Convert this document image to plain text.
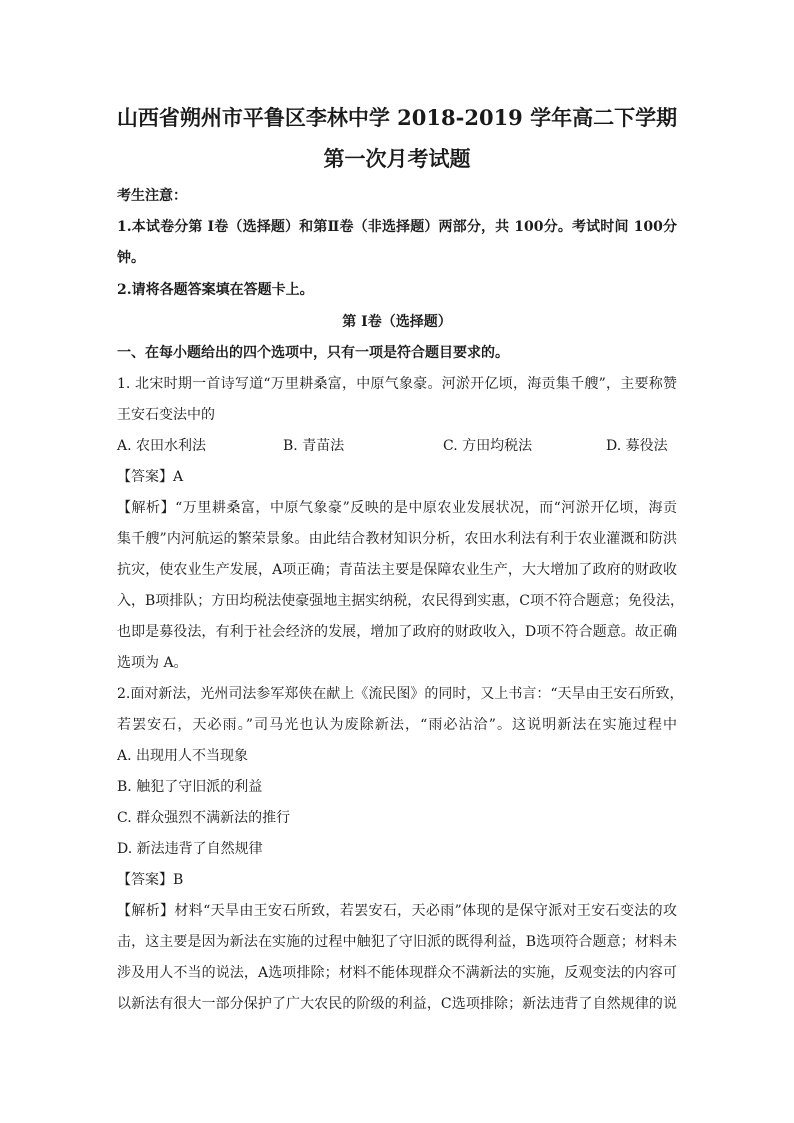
山西省朔州市平鲁区李林中学 2018-2019 学年高二下学期
第一次月考试题
考生注意：
1.本试卷分第 Ⅰ卷（选择题）和第Ⅱ卷（非选择题）两部分，共 100分。考试时间 100分
钟。
2.请将各题答案填在答题卡上。
第 Ⅰ卷（选择题）
一、在每小题给出的四个选项中，只有一项是符合题目要求的。
1. 北宋时期一首诗写道“万里耕桑富，中原气象豪。河淤开亿顷，海贡集千艘”，主要称赞
王安石变法中的
A. 农田水利法	B. 青苗法	C. 方田均税法	D. 募役法
【答案】A
【解析】“万里耕桑富，中原气象豪”反映的是中原农业发展状况，而“河淤开亿顷，海贡
集千艘”内河航运的繁荣景象。由此结合教材知识分析，农田水利法有利于农业灌溉和防洪
抗灾，使农业生产发展，A项正确；青苗法主要是保障农业生产，大大增加了政府的财政收
入，B项排队；方田均税法使豪强地主据实纳税，农民得到实惠，C项不符合题意；免役法，
也即是募役法，有利于社会经济的发展，增加了政府的财政收入，D项不符合题意。故正确
选项为 A。
2.面对新法，光州司法参军郑侠在献上《流民图》的同时，又上书言：“天旱由王安石所致，
若罢安石，天必雨。”司马光也认为废除新法，“雨必沾洽”。这说明新法在实施过程中
A. 出现用人不当现象
B. 触犯了守旧派的利益
C. 群众强烈不满新法的推行
D. 新法违背了自然规律
【答案】B
【解析】材料“天旱由王安石所致，若罢安石，天必雨”体现的是保守派对王安石变法的攻
击，这主要是因为新法在实施的过程中触犯了守旧派的既得利益，B选项符合题意；材料未
涉及用人不当的说法，A选项排除；材料不能体现群众不满新法的实施，反观变法的内容可
以新法有很大一部分保护了广大农民的阶级的利益，C选项排除；新法违背了自然规律的说
